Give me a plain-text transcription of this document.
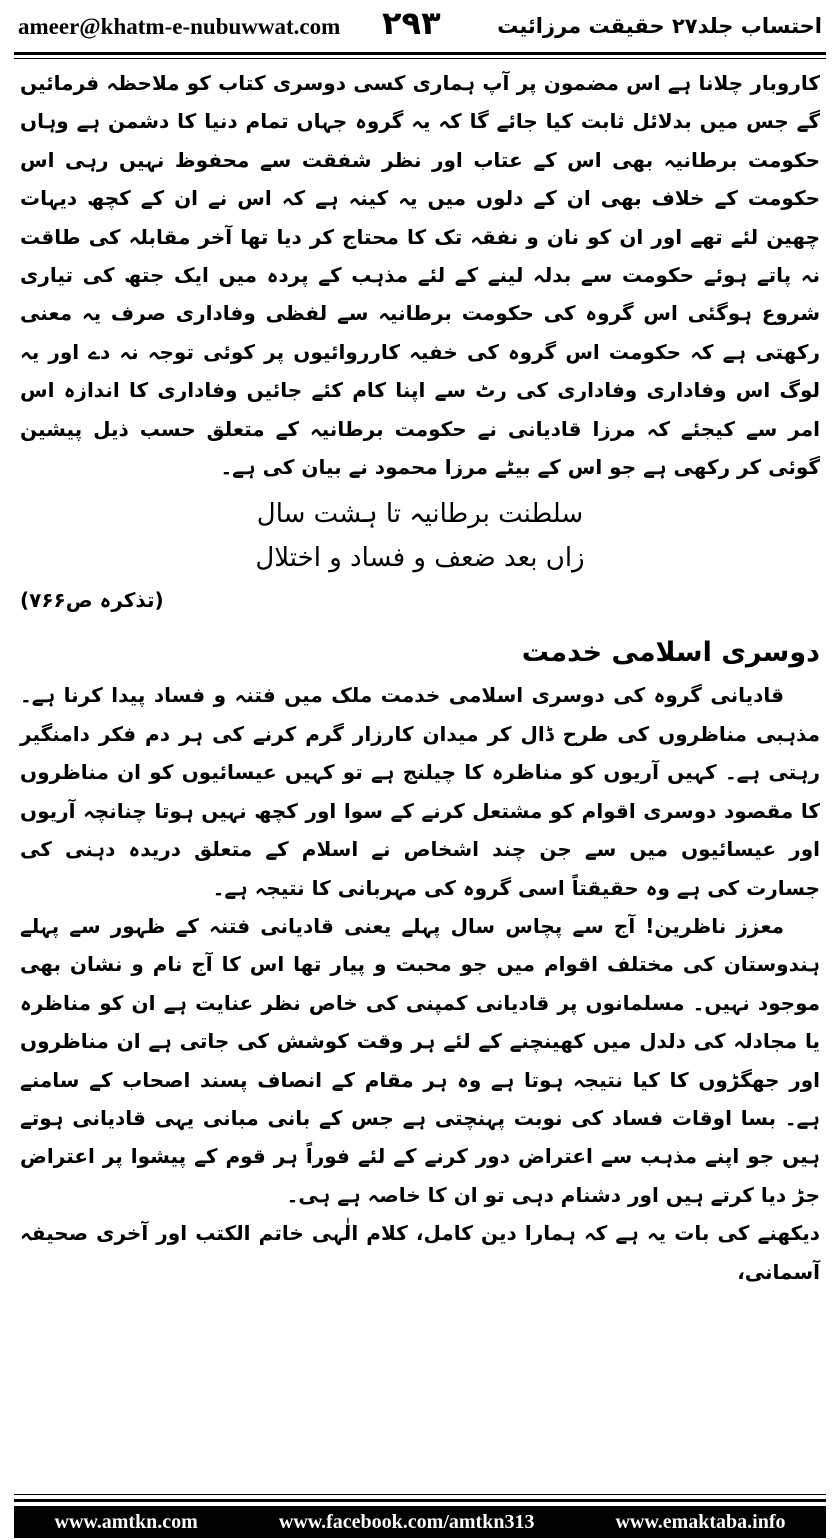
ameer@khatm-e-nubuwwat.com ۲۹۳	احتساب جلد۲۷ حقیقت مرزائیت

کاروبار چلانا ہے اس مضمون پر آپ ہماری کسی دوسری کتاب کو ملاحظہ فرمائیں گے جس میں بدلائل ثابت کیا جائے گا کہ یہ گروہ جہاں تمام دنیا کا دشمن ہے وہاں حکومت برطانیہ بھی اس کے عتاب اور نظر شفقت سے محفوظ نہیں رہی اس حکومت کے خلاف بھی ان کے دلوں میں یہ کینہ ہے کہ اس نے ان کے کچھ دیہات چھین لئے تھے اور ان کو نان و نفقہ تک کا محتاج کر دیا تھا آخر مقابلہ کی طاقت نہ پاتے ہوئے حکومت سے بدلہ لینے کے لئے مذہب کے پردہ میں ایک جتھ کی تیاری شروع ہوگئی اس گروہ کی حکومت برطانیہ سے لفظی وفاداری صرف یہ معنی رکھتی ہے کہ حکومت اس گروہ کی خفیہ کارروائیوں پر کوئی توجہ نہ دے اور یہ لوگ اس وفاداری وفاداری کی رٹ سے اپنا کام کئے جائیں وفاداری کا اندازہ اس امر سے کیجئے کہ مرزا قادیانی نے حکومت برطانیہ کے متعلق حسب ذیل پیشین گوئی کر رکھی ہے جو اس کے بیٹے مرزا محمود نے بیان کی ہے۔

سلطنت برطانیہ تا ہشت سال
زاں بعد ضعف و فساد و اختلال

(تذکرہ ص۷۶۶)

دوسری اسلامی خدمت

قادیانی گروہ کی دوسری اسلامی خدمت ملک میں فتنہ و فساد پیدا کرنا ہے۔ مذہبی مناظروں کی طرح ڈال کر میدان کارزار گرم کرنے کی ہر دم فکر دامنگیر رہتی ہے۔ کہیں آریوں کو مناظرہ کا چیلنج ہے تو کہیں عیسائیوں کو ان مناظروں کا مقصود دوسری اقوام کو مشتعل کرنے کے سوا اور کچھ نہیں ہوتا چنانچہ آریوں اور عیسائیوں میں سے جن چند اشخاص نے اسلام کے متعلق دریدہ دہنی کی جسارت کی ہے وہ حقیقتاً اسی گروہ کی مہربانی کا نتیجہ ہے۔

معزز ناظرین! آج سے پچاس سال پہلے یعنی قادیانی فتنہ کے ظہور سے پہلے ہندوستان کی مختلف اقوام میں جو محبت و پیار تھا اس کا آج نام و نشان بھی موجود نہیں۔ مسلمانوں پر قادیانی کمپنی کی خاص نظر عنایت ہے ان کو مناظرہ یا مجادلہ کی دلدل میں کھینچنے کے لئے ہر وقت کوشش کی جاتی ہے ان مناظروں اور جھگڑوں کا کیا نتیجہ ہوتا ہے وہ ہر مقام کے انصاف پسند اصحاب کے سامنے ہے۔ بسا اوقات فساد کی نوبت پہنچتی ہے جس کے بانی مبانی یہی قادیانی ہوتے ہیں جو اپنے مذہب سے اعتراض دور کرنے کے لئے فوراً ہر قوم کے پیشوا پر اعتراض جڑ دیا کرتے ہیں اور دشنام دہی تو ان کا خاصہ ہے ہی۔

دیکھنے کی بات یہ ہے کہ ہمارا دین کامل، کلام الٰہی خاتم الکتب اور آخری صحیفہ آسمانی،

www.amtkn.com	www.facebook.com/amtkn313	www.emaktaba.info
